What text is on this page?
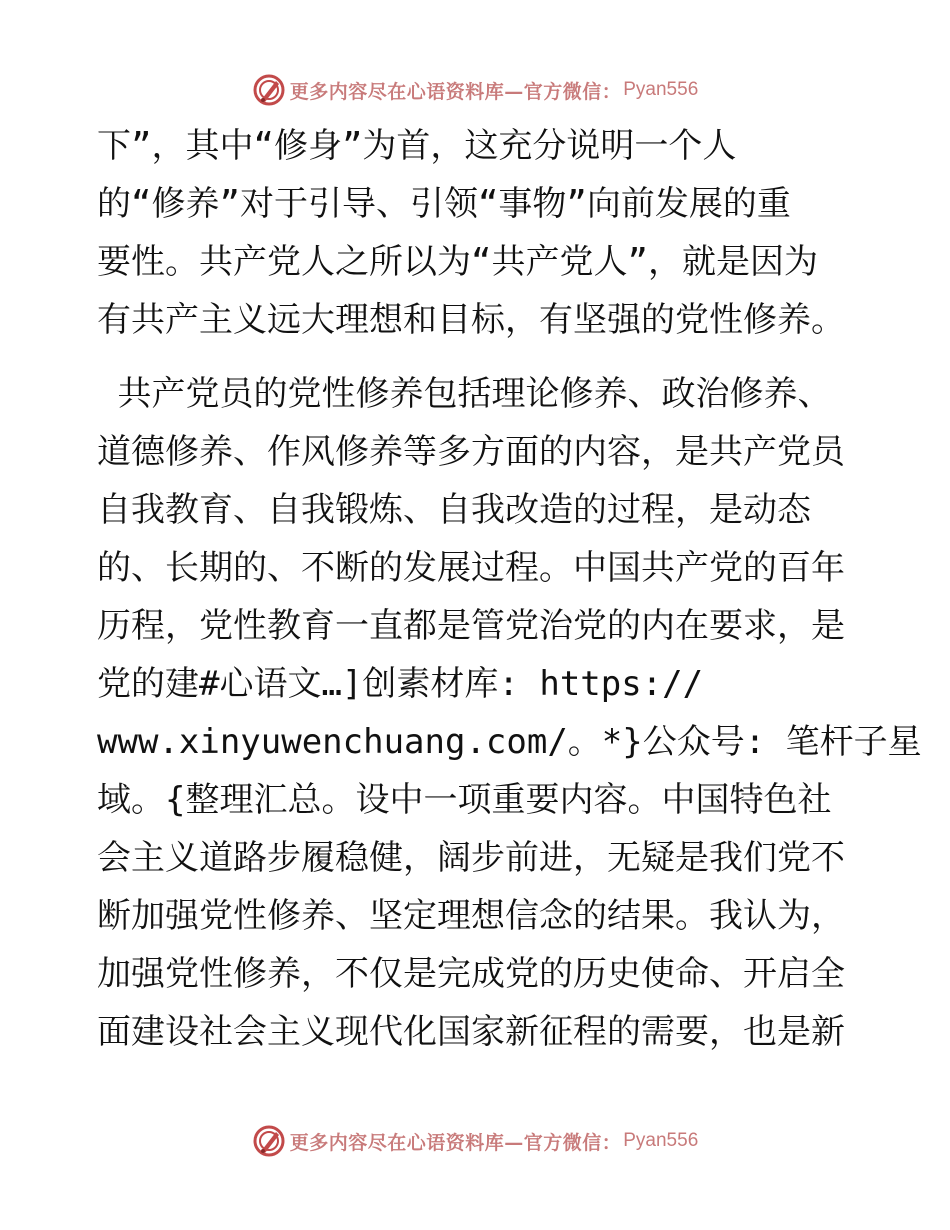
更多内容尽在心语资料库—官方微信： Pyan556
下”，其中“修身”为首，这充分说明一个人
的“修养”对于引导、引领“事物”向前发展的重
要性。共产党人之所以为“共产党人”，就是因为
有共产主义远大理想和目标，有坚强的党性修养。
共产党员的党性修养包括理论修养、政治修养、
道德修养、作风修养等多方面的内容，是共产党员
自我教育、自我锻炼、自我改造的过程，是动态
的、长期的、不断的发展过程。中国共产党的百年
历程，党性教育一直都是管党治党的内在要求，是
党的建#心语文…]创素材库: https://
www.xinyuwenchuang.com/。*}公众号: 笔杆子星
域。{整理汇总。设中一项重要内容。中国特色社
会主义道路步履稳健，阔步前进，无疑是我们党不
断加强党性修养、坚定理想信念的结果。我认为，
加强党性修养，不仅是完成党的历史使命、开启全
面建设社会主义现代化国家新征程的需要，也是新
更多内容尽在心语资料库—官方微信： Pyan556
